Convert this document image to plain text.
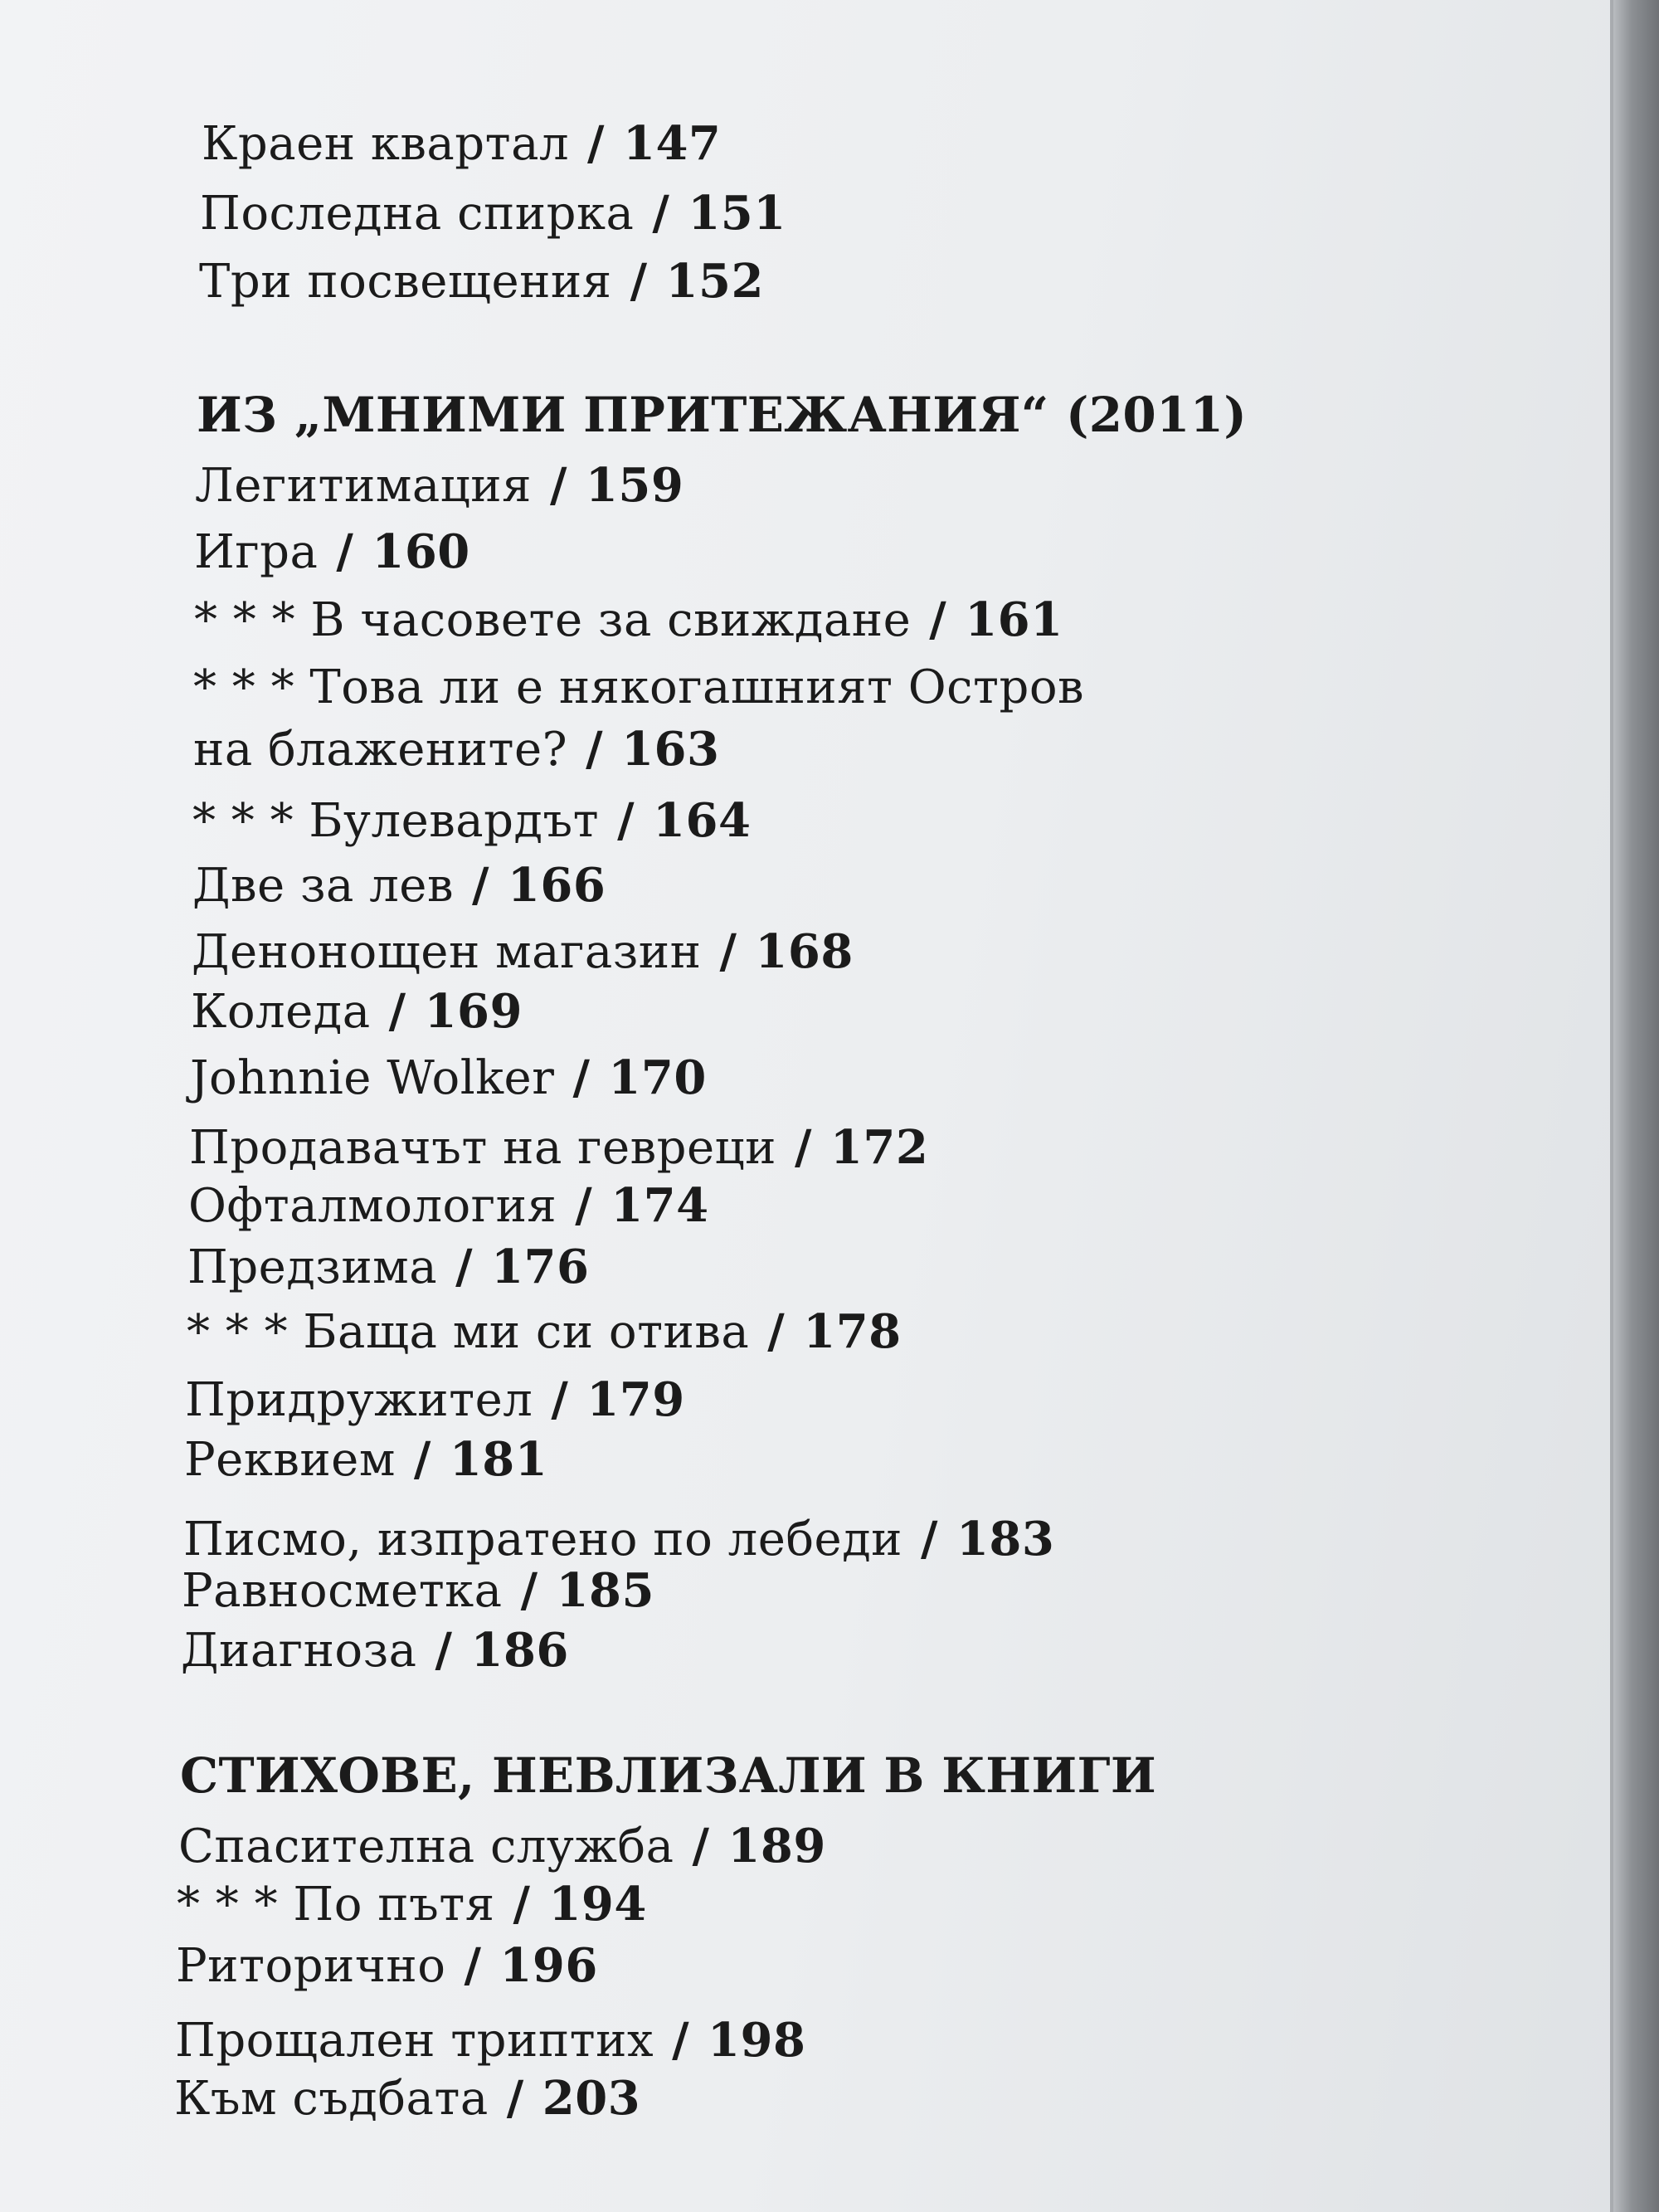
Краен квартал / 147
Последна спирка / 151
Три посвещения / 152
ИЗ „МНИМИ ПРИТЕЖАНИЯ“ (2011)
Легитимация / 159
Игра / 160
* * * В часовете за свиждане / 161
* * * Това ли е някогашният Остров
на блажените? / 163
* * * Булевардът / 164
Две за лев / 166
Денонощен магазин / 168
Коледа / 169
Johnnie Wolker / 170
Продавачът на гевреци / 172
Офталмология / 174
Предзима / 176
* * * Баща ми си отива / 178
Придружител / 179
Реквием / 181
Писмо, изпратено по лебеди / 183
Равносметка / 185
Диагноза / 186
СТИХОВЕ, НЕВЛИЗАЛИ В КНИГИ
Спасителна служба / 189
* * * По пътя / 194
Риторично / 196
Прощален триптих / 198
Към съдбата / 203
